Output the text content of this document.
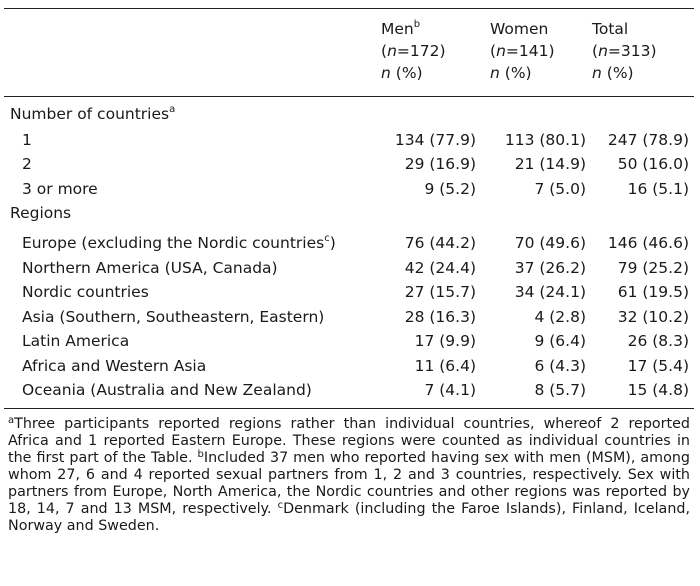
Men$^b$
(n=172)
n (%)
Women
(n=141)
n (%)
Total
(n=313)
n (%)
Number of countries$^a$
1	134 (77.9) 113 (80.1) 247 (78.9)
2	29 (16.9) 21 (14.9) 50 (16.0)
3 or more	9 (5.2)	7 (5.0)	16 (5.1)
Regions
Europe (excluding the Nordic countries$^c$)	76 (44.2) 70 (49.6) 146 (46.6)
Northern America (USA, Canada)	42 (24.4) 37 (26.2) 79 (25.2)
Nordic countries	27 (15.7) 34 (24.1) 61 (19.5)
Asia (Southern, Southeastern, Eastern)	28 (16.3)	4 (2.8) 32 (10.2)
Latin America	17 (9.9)	9 (6.4)	26 (8.3)
Africa and Western Asia	11 (6.4)	6 (4.3)	17 (5.4)
Oceania (Australia and New Zealand)	7 (4.1)	8 (5.7)	15 (4.8)
$^a$Three participants reported regions rather than individual countries, whereof 2 reported Africa and 1 reported Eastern Europe. These regions were counted as individual countries in the first part of the Table. $^b$Included 37 men who reported having sex with men (MSM), among whom 27, 6 and 4 reported sexual partners from 1, 2 and 3 countries, respectively. Sex with partners from Europe, North America, the Nordic countries and other regions was reported by 18, 14, 7 and 13 MSM, respectively. $^c$Denmark (including the Faroe Islands), Finland, Iceland, Norway and Sweden.
